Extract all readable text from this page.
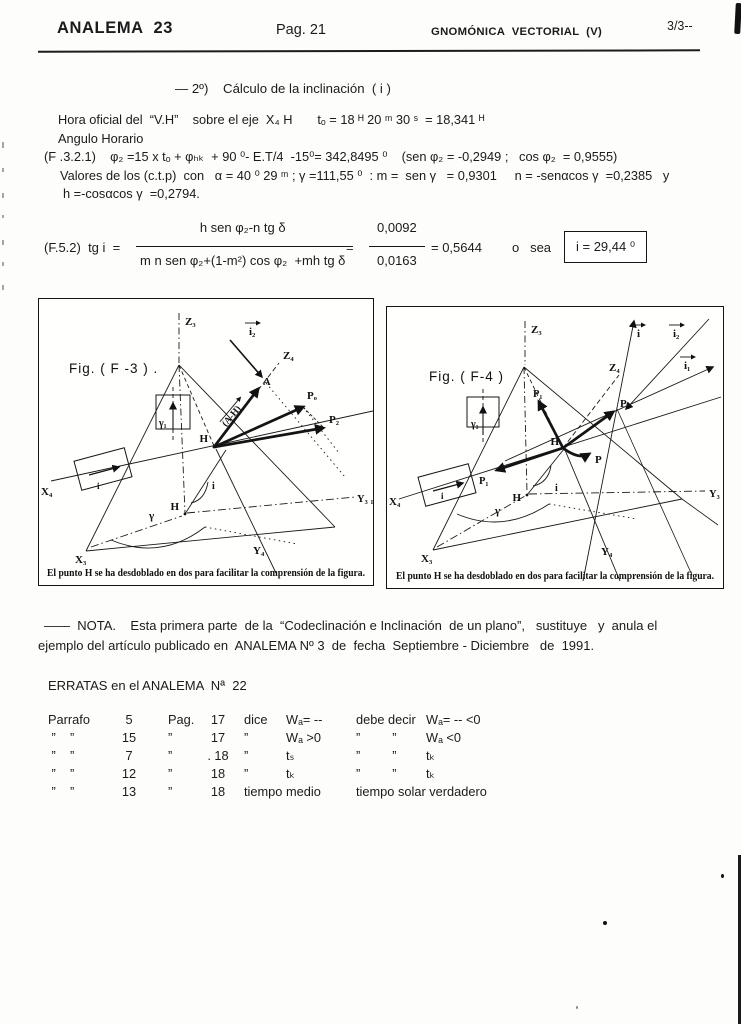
ANALEMA  23	Pag. 21	GNOMÓNICA  VECTORIAL  (V)	3/3--
— 2º)    Cálculo de la inclinación  ( i )
Hora oficial del  “V.H”    sobre el eje  X₄ H       tₒ = 18 ᴴ 20 ᵐ 30 ˢ  = 18,341 ᴴ
Angulo Horario
(F .3.2.1)    φ₂ =15 x tₒ + φₕₖ  + 90 ⁰- E.T/4  -15⁰= 342,8495 ⁰    (sen φ₂ = -0,2949 ;   cos φ₂  = 0,9555)
Valores de los (c.t.p)  con   α = 40 ⁰ 29 ᵐ ; γ =111,55 ⁰  : m =  sen γ   = 0,9301     n = -senαcos γ  =0,2385   y
h =-cosαcos γ  =0,2794.
(F.5.2)  tg i  =
h sen φ₂-n tg δ
m n sen φ₂+(1-m²) cos φ₂  +mh tg δ
= $\frac{0,0092}{0,0163} = 0,5644$ o   sea	i = 29,44 ⁰
Fig. ( F -3 ) .
Z₃
i₂
Z₄
A
(A-H)
Pₒ
P₂
γ₁
H
H
X₄
X₃
i
γ
Y₃ ₁
Y₄
i
El punto H se ha desdoblado en dos para facilitar la comprensión de la figura.
Fig. ( F-4 )
Z₃	i	i₂
i₁
Z₄
P₁
P₀
P
P₁
γ₁
H
H
X₄
X₃
i
γ
Y₃
Y₄
i
El punto H se ha desdoblado en dos para facilitar la comprensión de la figura.
——  NOTA.    Esta primera parte  de la  “Codeclinación e Inclinación  de un plano”,   sustituye   y  anula el
ejemplo del artículo publicado en  ANALEMA Nº 3  de  fecha  Septiembre - Diciembre   de  1991.
ERRATAS en el ANALEMA  Nª  22
Parrafo	5	Pag.	17	dice Wₐ= --	debe decir Wₐ= -- <0
”    ”	15	”	17	”	Wₐ >0	”         ” Wₐ <0
”    ”	7	”	. 18	”	tₛ	”         ” tₖ
”    ”	12	”	18	”	tₖ	”         ” tₖ
”    ”	13	”	18	tiempo medio	tiempo solar verdadero
